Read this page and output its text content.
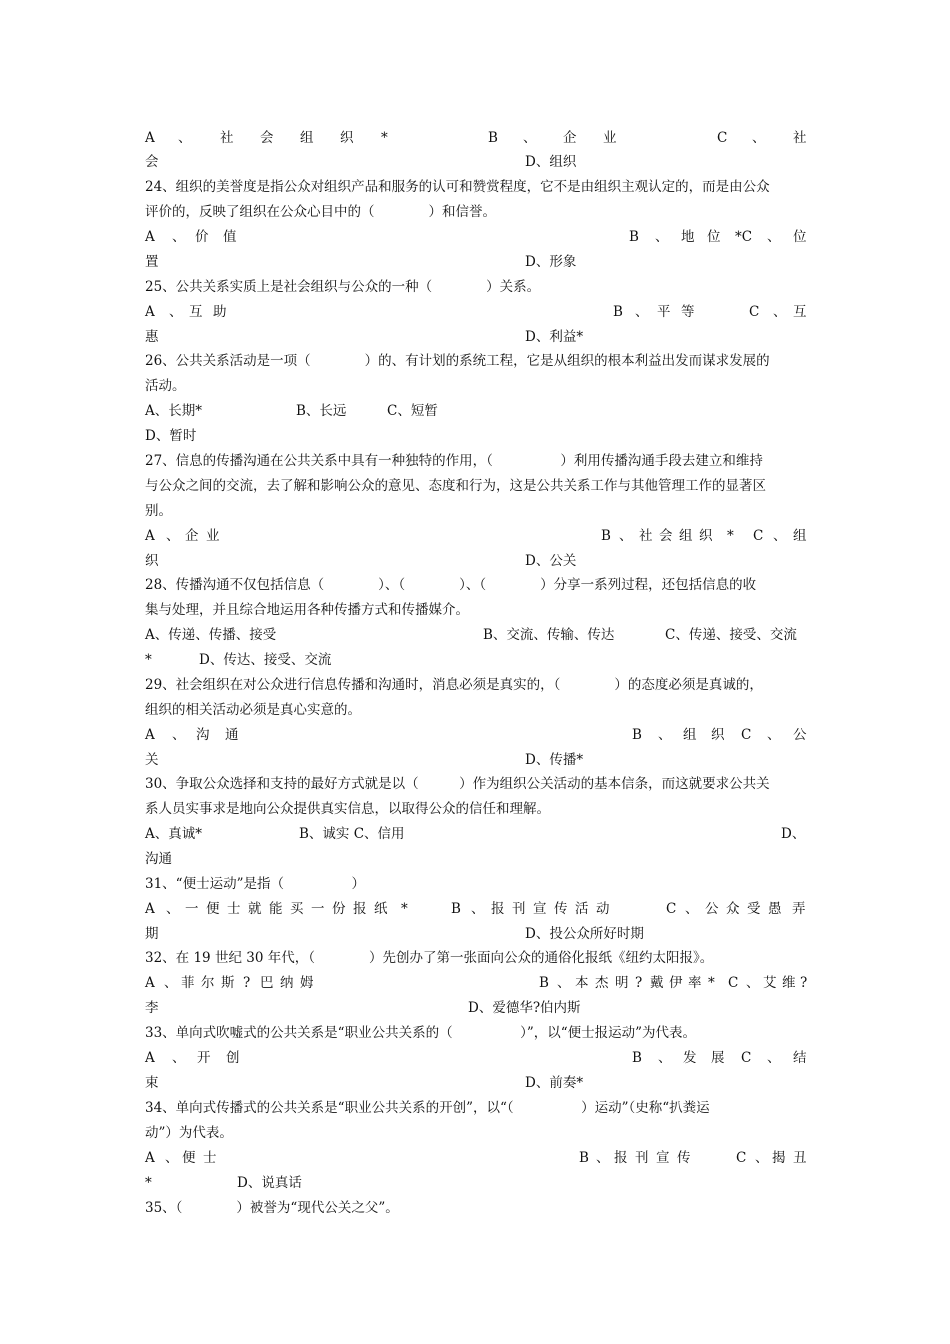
A 、 社 会 组 织 *	B 、 企 业	C 、 社
会	D、组织
24、组织的美誉度是指公众对组织产品和服务的认可和赞赏程度，它不是由组织主观认定的，而是由公众
评价的，反映了组织在公众心目中的（　　　　）和信誉。
A 、 价 值	B 、 地 位 *C 、 位
置	D、形象
25、公共关系实质上是社会组织与公众的一种（　　　　）关系。
A 、 互 助	B 、 平 等	C 、 互
惠	D、利益*
26、公共关系活动是一项（　　　　）的、有计划的系统工程，它是从组织的根本利益出发而谋求发展的
活动。
A、长期*	B、长远	C、短暂
D、暂时
27、信息的传播沟通在公共关系中具有一种独特的作用，（　　　　　）利用传播沟通手段去建立和维持
与公众之间的交流，去了解和影响公众的意见、态度和行为，这是公共关系工作与其他管理工作的显著区
别。
A 、 企 业	B 、 社 会 组 织 * C 、 组
织	D、公关
28、传播沟通不仅包括信息（　　　　）、（　　　　）、（　　　　）分享一系列过程，还包括信息的收
集与处理，并且综合地运用各种传播方式和传播媒介。
A、传递、传播、接受	B、交流、传输、传达	C、传递、接受、交流
*	D、传达、接受、交流
29、社会组织在对公众进行信息传播和沟通时，消息必须是真实的，（　　　　）的态度必须是真诚的，
组织的相关活动必须是真心实意的。
A 、 沟 通	B 、 组 织 C 、 公
关	D、传播*
30、争取公众选择和支持的最好方式就是以（　　　）作为组织公关活动的基本信条，而这就要求公共关
系人员实事求是地向公众提供真实信息，以取得公众的信任和理解。
A、真诚*	B、诚实 C、信用	D、
沟通
31、“便士运动”是指（　　　　　）
A 、 一 便 士 就 能 买 一 份 报 纸 *	B 、 报 刊 宣 传 活 动	C 、 公 众 受 愚 弄
期	D、投公众所好时期
32、在 19 世纪 30 年代，（　　　　）先创办了第一张面向公众的通俗化报纸《纽约太阳报》。
A 、 菲 尔 斯 ? 巴 纳 姆	B 、 本 杰 明 ? 戴 伊 率 * C 、 艾 维 ?
李	D、爱德华?伯内斯
33、单向式吹嘘式的公共关系是“职业公共关系的（　　　　　）”，以“便士报运动”为代表。
A 、 开 创	B 、 发 展 C 、 结
束	D、前奏*
34、单向式传播式的公共关系是“职业公共关系的开创”，以“（　　　　　）运动”（史称“扒粪运
动”）为代表。
A 、 便 士	B 、 报 刊 宣 传	C 、 揭 丑
*	D、说真话
35、（　　　　）被誉为“现代公关之父”。
